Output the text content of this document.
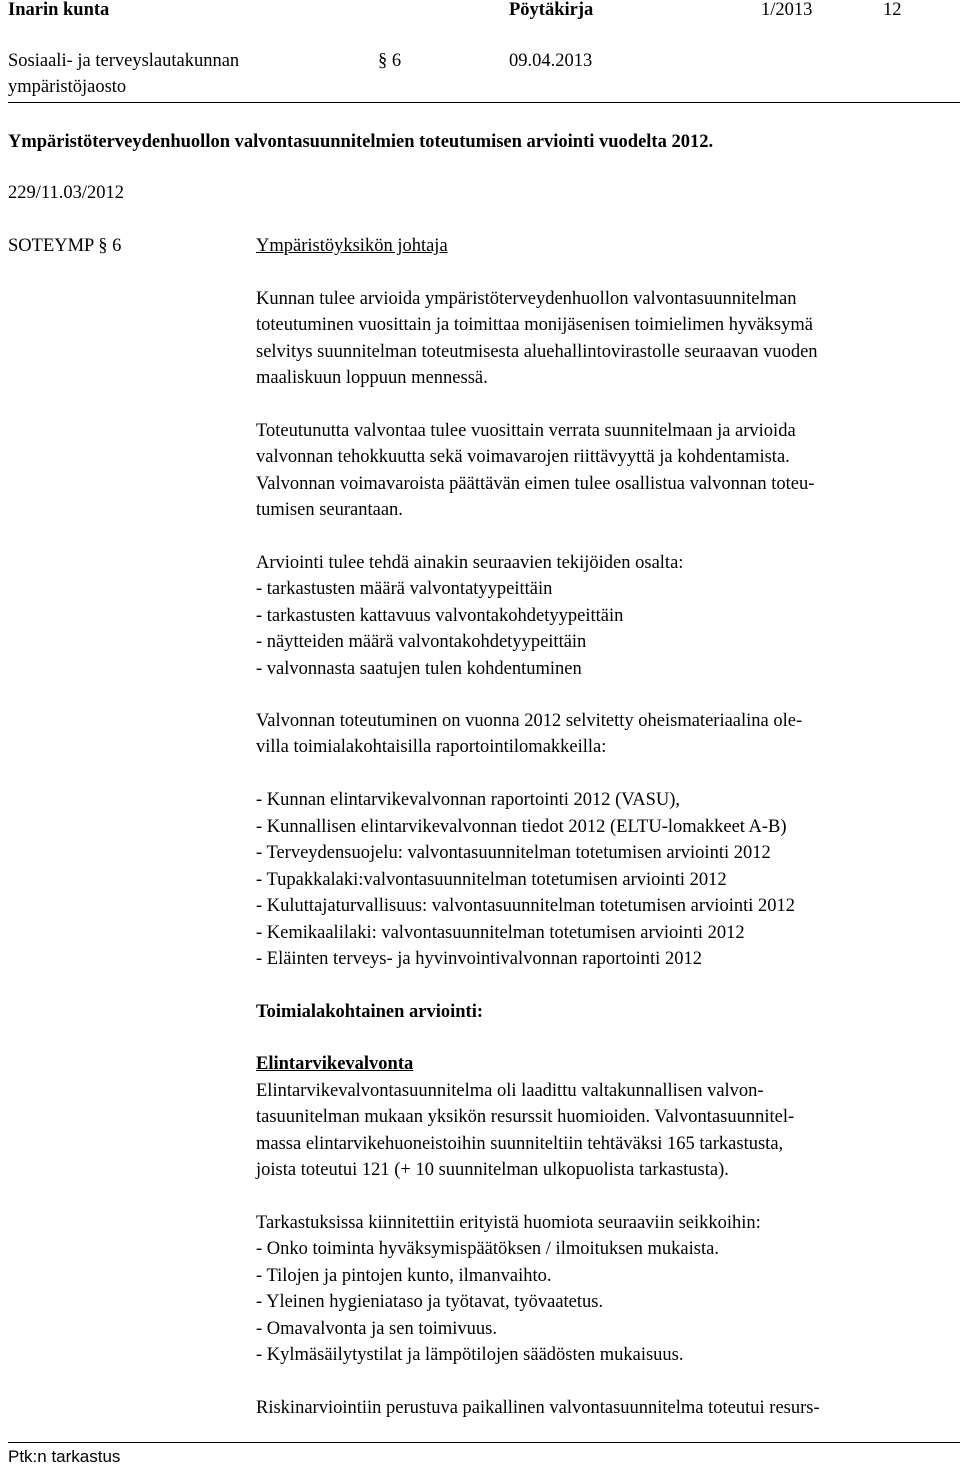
Inarin kunta	Pöytäkirja	1/2013	12
Sosiaali- ja terveyslautakunnan
ympäristöjaosto
§ 6	09.04.2013
Ympäristöterveydenhuollon valvontasuunnitelmien toteutumisen arviointi vuodelta 2012.
229/11.03/2012
SOTEYMP § 6	Ympäristöyksikön johtaja
Kunnan tulee arvioida ympäristöterveydenhuollon valvontasuunnitelman
toteutuminen vuosittain ja toimittaa monijäsenisen toimielimen hyväksymä
selvitys suunnitelman toteutmisesta aluehallintovirastolle seuraavan vuoden
maaliskuun loppuun mennessä.
Toteutunutta valvontaa tulee vuosittain verrata suunnitelmaan ja arvioida
valvonnan tehokkuutta sekä voimavarojen riittävyyttä ja kohdentamista.
Valvonnan voimavaroista päättävän eimen tulee osallistua valvonnan toteu-
tumisen seurantaan.
Arviointi tulee tehdä ainakin seuraavien tekijöiden osalta:
- tarkastusten määrä valvontatyypeittäin
- tarkastusten kattavuus valvontakohdetyypeittäin
- näytteiden määrä valvontakohdetyypeittäin
- valvonnasta saatujen tulen kohdentuminen
Valvonnan toteutuminen on vuonna 2012 selvitetty oheismateriaalina ole-
villa toimialakohtaisilla raportointilomakkeilla:
- Kunnan elintarvikevalvonnan raportointi 2012 (VASU),
- Kunnallisen elintarvikevalvonnan tiedot 2012 (ELTU-lomakkeet A-B)
- Terveydensuojelu: valvontasuunnitelman totetumisen arviointi 2012
- Tupakkalaki:valvontasuunnitelman totetumisen arviointi 2012
- Kuluttajaturvallisuus: valvontasuunnitelman totetumisen arviointi 2012
- Kemikaalilaki: valvontasuunnitelman totetumisen arviointi 2012
- Eläinten terveys- ja hyvinvointivalvonnan raportointi 2012
Toimialakohtainen arviointi:
Elintarvikevalvonta
Elintarvikevalvontasuunnitelma oli laadittu valtakunnallisen valvon-
tasuunitelman mukaan yksikön resurssit huomioiden. Valvontasuunnitel-
massa elintarvikehuoneistoihin suunniteltiin tehtäväksi 165 tarkastusta,
joista toteutui 121 (+ 10 suunnitelman ulkopuolista tarkastusta).
Tarkastuksissa kiinnitettiin erityistä huomiota seuraaviin seikkoihin:
- Onko toiminta hyväksymispäätöksen / ilmoituksen mukaista.
- Tilojen ja pintojen kunto, ilmanvaihto.
- Yleinen hygieniataso ja työtavat, työvaatetus.
- Omavalvonta ja sen toimivuus.
- Kylmäsäilytystilat ja lämpötilojen säädösten mukaisuus.
Riskinarviointiin perustuva paikallinen valvontasuunnitelma toteutui resurs-
Ptk:n tarkastus
